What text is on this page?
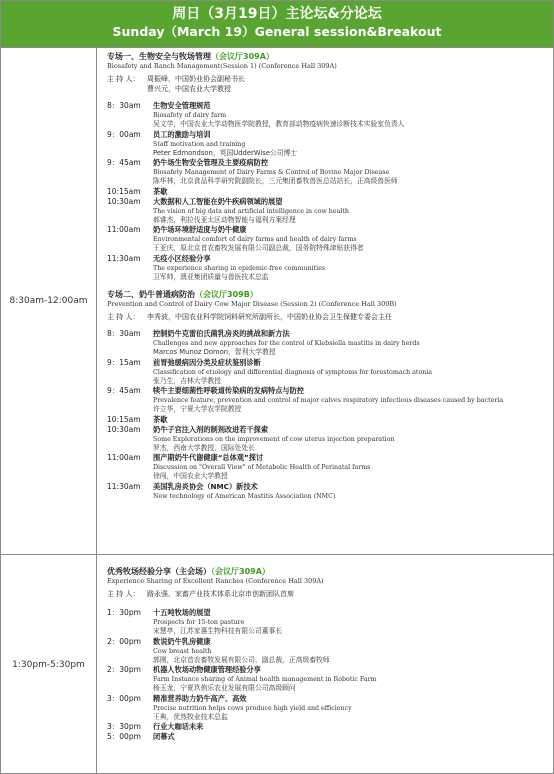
周日（3月19日）主论坛&分论坛
Sunday（March 19）General session&Breakout
8:30am-12:00am
专场一、生物安全与牧场管理（会议厅309A）
Biosafety and Ranch Management(Session 1) (Conference Hall 309A)
主 持 人：	周振峰，中国奶业协会副秘书长
曹兴元，中国农业大学教授
8：30am	生物安全管理规范
Biosafety of dairy farm
吴文学，中国农业大学动物医学院教授，教育部动物疫病快速诊断技术实验室负责人
9：00am	员工的激励与培训
Staff motivation and training
Peter Edmondson，英国UdderWise公司博士
9：45am	奶牛场生物安全管理及主要疫病防控
Biosafety Management of Dairy Farms & Control of Bovine Major Disease
陈华林，北京食品科学研究院副院长，三元集团畜牧兽医总站站长，正高级兽医师
10:15am	茶歇
10:30am	大数据和人工智能在奶牛疾病领域的展望
The vision of big data and artificial intelligence in cow health
郝睿杰，利拉伐亚太区动物智能与福利方案经理
11:00am	奶牛场环境舒适度与奶牛健康
Environmental comfort of dairy farms and health of dairy farms
王亚庆，原北京首农畜牧发展有限公司副总裁，国务院特殊津贴获得者
11:30am	无疫小区经验分享
The experience sharing in epidemic-free communities
卫军帅，澳亚集团质量与兽医技术总监
专场二、奶牛普通病防治（会议厅309B）
Prevention and Control of Dairy Cow Major Disease (Session 2) (Conference Hall 309B)
主 持 人：	李秀波，中国农业科学院饲料研究所副所长，中国奶业协会卫生保健专委会主任
8：30am	控制奶牛克雷伯氏菌乳房炎的挑战和新方法
Challenges and new approaches for the control of Klebsiella mastitis in dairy herds
Marcos Munoz Domon，智利大学教授
9：15am	前胃弛缓病因分类及症状鉴别诊断
Classification of etiology and differential diagnosis of symptoms for forestomach atonia
张乃生，吉林大学教授
9：45am	犊牛主要细菌性呼吸道传染病的发病特点与防控
Prevalence feature, prevention and control of major calves respiratory infectious diseases caused by bacteria
许立华，宁夏大学农学院教授
10:15am	茶歇
10:30am	奶牛子宫注入剂的制剂改进若干探索
Some Explorations on the improvement of cow uterus injection preparation
罗杰，西南大学教授，国际处处长
11:00am	围产期奶牛代谢健康“总体观”探讨
Discussion on "Overall View" of Metabolic Health of Perinatal farms
徐闯，中国农业大学教授
11:30am	美国乳房炎协会（NMC）新技术
New technology of American Mastitis Association (NMC)
1:30pm-5:30pm
优秀牧场经验分享（主会场）（会议厅309A）
Experience Sharing of Excellent Ranches (Conference Hall 309A)
主 持 人：	路永强，家畜产业技术体系北京市创新团队首席
1：30pm	十五吨牧场的展望
Prospects for 15-ton pasture
宋慧亭，江苏家惠生物科技有限公司董事长
2：00pm	数说奶牛乳房健康
Cow breast health
郭刚，北京首农畜牧发展有限公司，副总裁，正高级畜牧师
2：30pm	机器人牧场动物健康管理经验分享
Farm Instance sharing of Animal health management in Robotic Farm
杨玉龙，宁夏玖侑乐农业发展有限公司高级顾问
3：00pm	精准营养助力奶牛高产、高效
Precise nutrition helps cows produce high yield and efficiency
王典，优然牧业技术总监
3：30pm	行业大咖话未来
5：00pm	闭幕式
